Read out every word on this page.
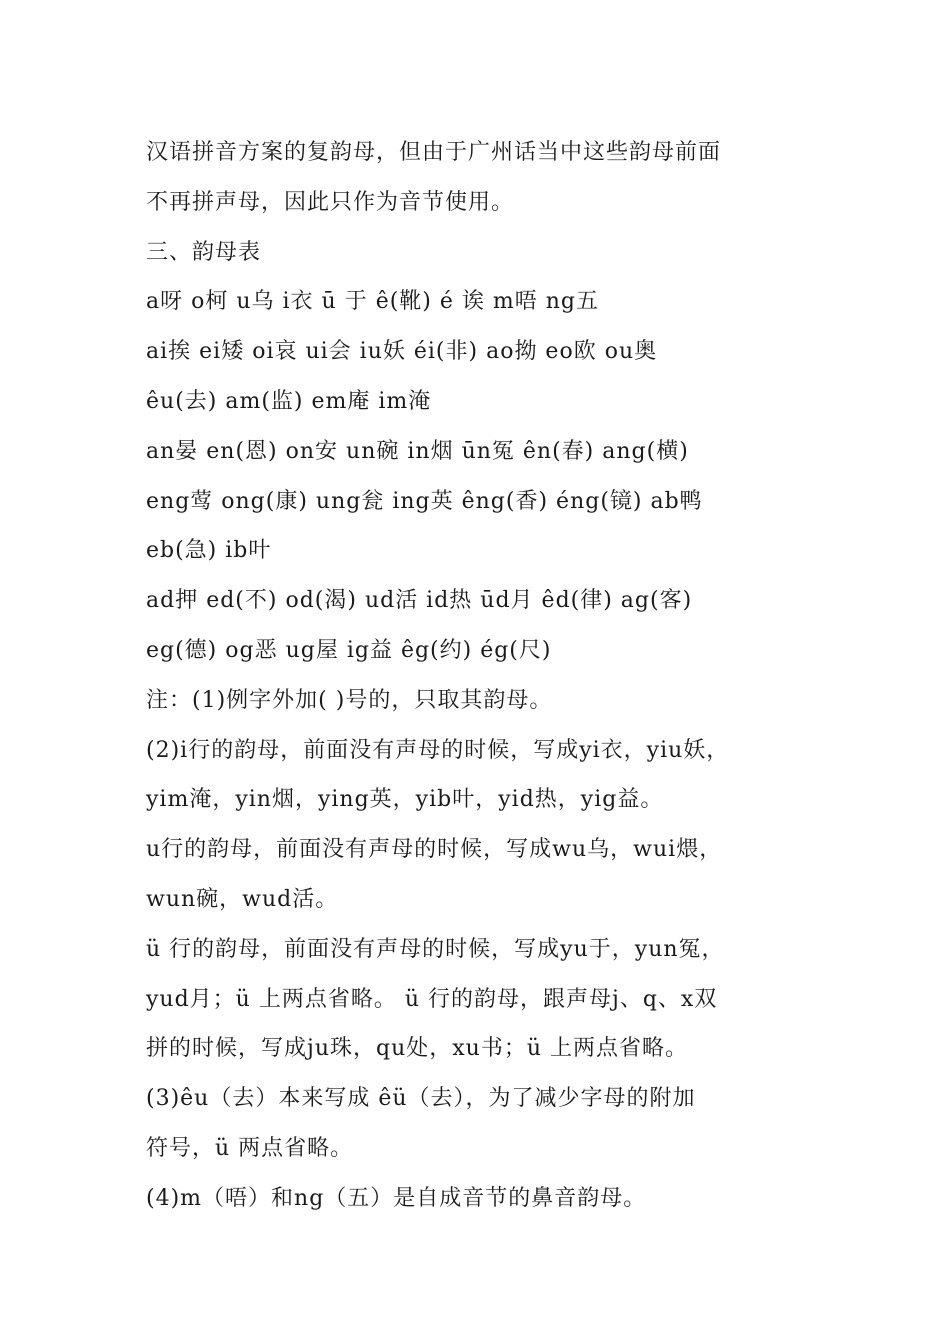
汉语拼音方案的复韵母，但由于广州话当中这些韵母前面
不再拼声母，因此只作为音节使用。
三、韵母表
a呀 o柯 u乌 i衣 ū 于 ê(靴) é 诶 m唔 ng五
ai挨 ei矮 oi哀 ui会 iu妖 éi(非) ao拗 eo欧 ou奥
êu(去) am(监) em庵 im淹
an晏 en(恩) on安 un碗 in烟 ūn冤 ên(春) ang(横)
eng莺 ong(康) ung瓮 ing英 êng(香) éng(镜) ab鸭
eb(急) ib叶
ad押 ed(不) od(渴) ud活 id热 ūd月 êd(律) ag(客)
eg(德) og恶 ug屋 ig益 êg(约) ég(尺)
注：(1)例字外加( )号的，只取其韵母。
(2)i行的韵母，前面没有声母的时候，写成yi衣，yiu妖，
yim淹，yin烟，ying英，yib叶，yid热，yig益。
u行的韵母，前面没有声母的时候，写成wu乌，wui煨，
wun碗，wud活。
ü 行的韵母，前面没有声母的时候，写成yu于，yun冤，
yud月；ü 上两点省略。 ü 行的韵母，跟声母j、q、x双
拼的时候，写成ju珠，qu处，xu书；ü 上两点省略。
(3)êu（去）本来写成 êü（去），为了减少字母的附加
符号，ü 两点省略。
(4)m（唔）和ng（五）是自成音节的鼻音韵母。
